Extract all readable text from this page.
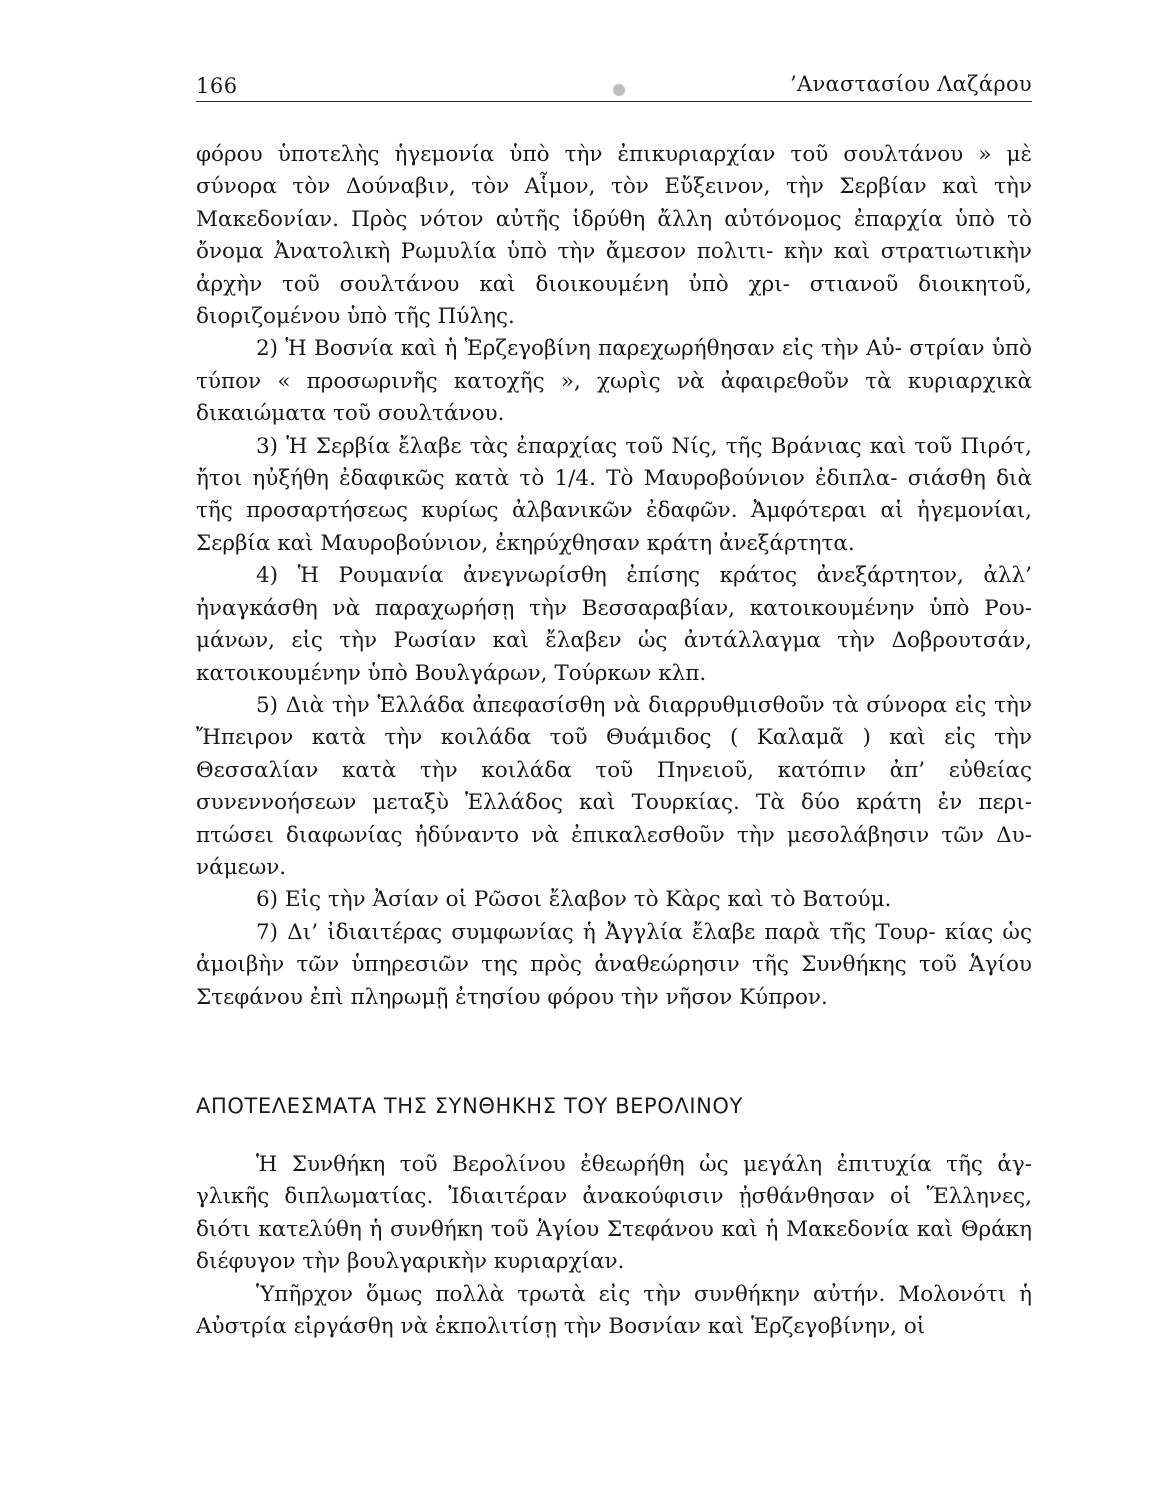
166	’Αναστασίου Λαζάρου

φόρου ὑποτελὴς ἡγεμονία ὑπὸ τὴν ἐπικυριαρχίαν τοῦ σουλτάνου » μὲ σύνορα τὸν Δούναβιν, τὸν Αἷμον, τὸν Εὔξεινον, τὴν Σερβίαν καὶ τὴν Μακεδονίαν. Πρὸς νότον αὐτῆς ἱδρύθη ἄλλη αὐτόνομος ἐπαρχία ὑπὸ τὸ ὄνομα Ἀνατολικὴ Ρωμυλία ὑπὸ τὴν ἄμεσον πολιτι- κὴν καὶ στρατιωτικὴν ἀρχὴν τοῦ σουλτάνου καὶ διοικουμένη ὑπὸ χρι- στιανοῦ διοικητοῦ, διοριζομένου ὑπὸ τῆς Πύλης.

2) Ἡ Βοσνία καὶ ἡ Ἑρζεγοβίνη παρεχωρήθησαν εἰς τὴν Αὐ- στρίαν ὑπὸ τύπον « προσωρινῆς κατοχῆς », χωρὶς νὰ ἀφαιρεθοῦν τὰ κυριαρχικὰ δικαιώματα τοῦ σουλτάνου.

3) Ἡ Σερβία ἔλαβε τὰς ἐπαρχίας τοῦ Νίς, τῆς Βράνιας καὶ τοῦ Πιρότ, ἤτοι ηὐξήθη ἐδαφικῶς κατὰ τὸ 1/4. Τὸ Μαυροβούνιον ἐδιπλα- σιάσθη διὰ τῆς προσαρτήσεως κυρίως ἀλβανικῶν ἐδαφῶν. Ἀμφότεραι αἱ ἡγεμονίαι, Σερβία καὶ Μαυροβούνιον, ἐκηρύχθησαν κράτη ἀνεξάρτητα.

4) Ἡ Ρουμανία ἀνεγνωρίσθη ἐπίσης κράτος ἀνεξάρτητον, ἀλλ’ ἠναγκάσθη νὰ παραχωρήσῃ τὴν Βεσσαραβίαν, κατοικουμένην ὑπὸ Ρου- μάνων, εἰς τὴν Ρωσίαν καὶ ἔλαβεν ὡς ἀντάλλαγμα τὴν Δοβρουτσάν, κατοικουμένην ὑπὸ Βουλγάρων, Τούρκων κλπ.

5) Διὰ τὴν Ἑλλάδα ἀπεφασίσθη νὰ διαρρυθμισθοῦν τὰ σύνορα εἰς τὴν Ἤπειρον κατὰ τὴν κοιλάδα τοῦ Θυάμιδος ( Καλαμᾶ ) καὶ εἰς τὴν Θεσσαλίαν κατὰ τὴν κοιλάδα τοῦ Πηνειοῦ, κατόπιν ἀπ’ εὐθείας συνεννοήσεων μεταξὺ Ἑλλάδος καὶ Τουρκίας. Τὰ δύο κράτη ἐν περι- πτώσει διαφωνίας ἠδύναντο νὰ ἐπικαλεσθοῦν τὴν μεσολάβησιν τῶν Δυ- νάμεων.

6) Εἰς τὴν Ἀσίαν οἱ Ρῶσοι ἔλαβον τὸ Κὰρς καὶ τὸ Βατούμ.

7) Δι’ ἰδιαιτέρας συμφωνίας ἡ Ἀγγλία ἔλαβε παρὰ τῆς Τουρ- κίας ὡς ἀμοιβὴν τῶν ὑπηρεσιῶν της πρὸς ἀναθεώρησιν τῆς Συνθήκης τοῦ Ἁγίου Στεφάνου ἐπὶ πληρωμῇ ἐτησίου φόρου τὴν νῆσον Κύπρον.

ΑΠΟΤΕΛΕΣΜΑΤΑ ΤΗΣ ΣΥΝΘΗΚΗΣ ΤΟΥ ΒΕΡΟΛΙΝΟΥ

Ἡ Συνθήκη τοῦ Βερολίνου ἐθεωρήθη ὡς μεγάλη ἐπιτυχία τῆς ἀγ- γλικῆς διπλωματίας. Ἰδιαιτέραν ἀνακούφισιν ᾐσθάνθησαν οἱ Ἕλληνες, διότι κατελύθη ἡ συνθήκη τοῦ Ἁγίου Στεφάνου καὶ ἡ Μακεδονία καὶ Θράκη διέφυγον τὴν βουλγαρικὴν κυριαρχίαν.

Ὑπῆρχον ὅμως πολλὰ τρωτὰ εἰς τὴν συνθήκην αὐτήν. Μολονότι ἡ Αὐστρία εἰργάσθη νὰ ἐκπολιτίσῃ τὴν Βοσνίαν καὶ Ἑρζεγοβίνην, οἱ
